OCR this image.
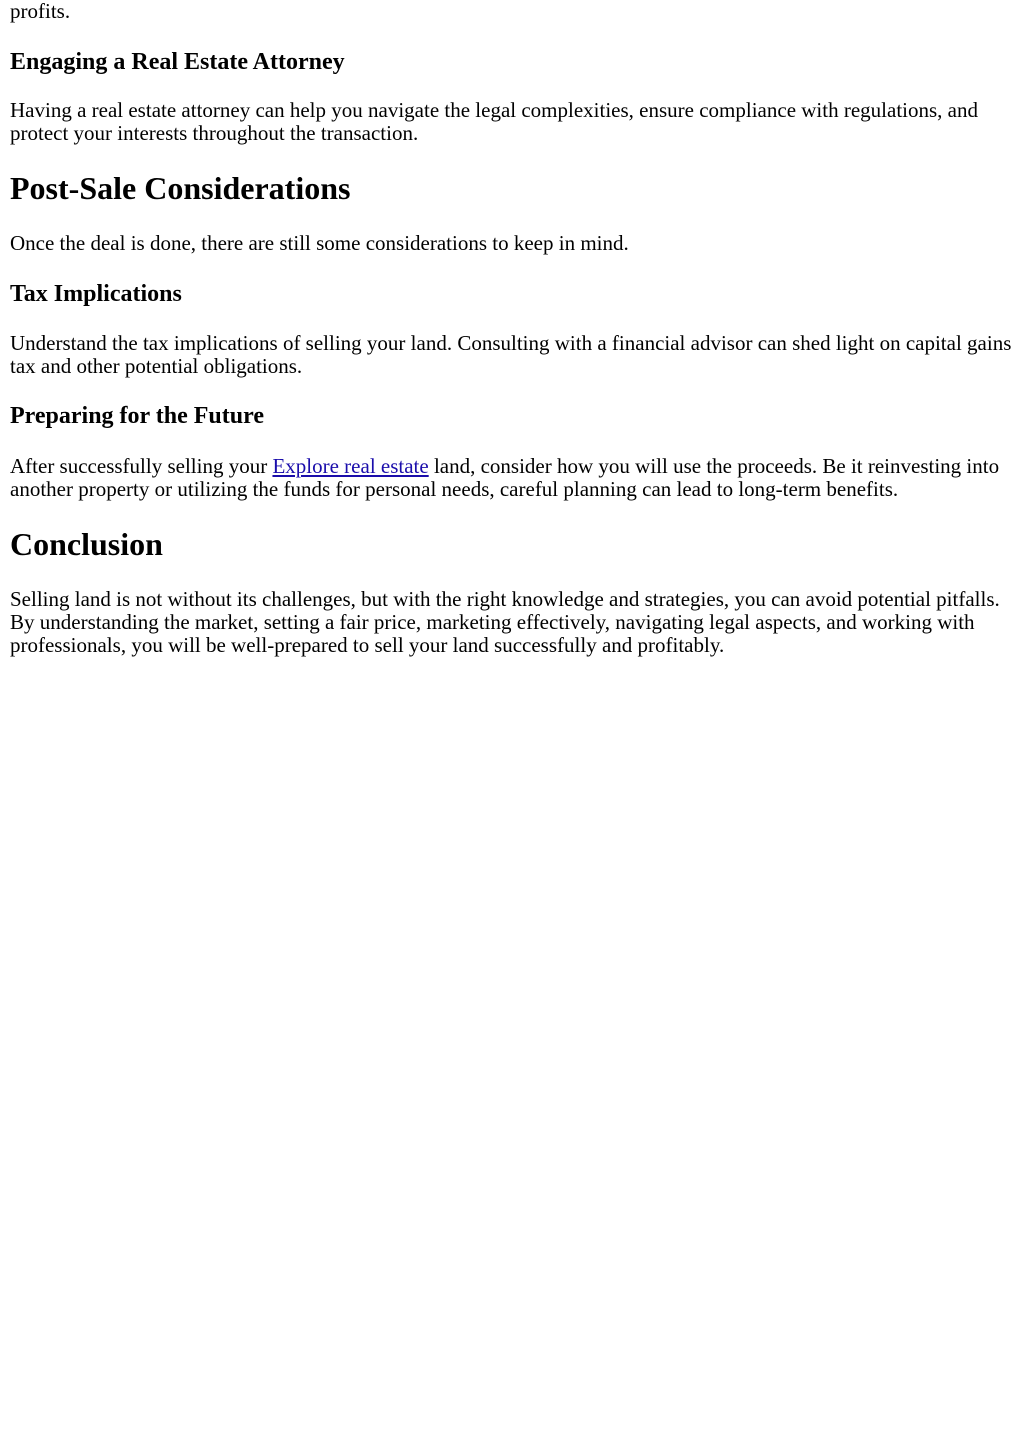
profits.

Engaging a Real Estate Attorney

Having a real estate attorney can help you navigate the legal complexities, ensure compliance with regulations, and protect your interests throughout the transaction.

Post-Sale Considerations

Once the deal is done, there are still some considerations to keep in mind.

Tax Implications

Understand the tax implications of selling your land. Consulting with a financial advisor can shed light on capital gains tax and other potential obligations.

Preparing for the Future

After successfully selling your Explore real estate land, consider how you will use the proceeds. Be it reinvesting into another property or utilizing the funds for personal needs, careful planning can lead to long-term benefits.

Conclusion

Selling land is not without its challenges, but with the right knowledge and strategies, you can avoid potential pitfalls. By understanding the market, setting a fair price, marketing effectively, navigating legal aspects, and working with professionals, you will be well-prepared to sell your land successfully and profitably.
